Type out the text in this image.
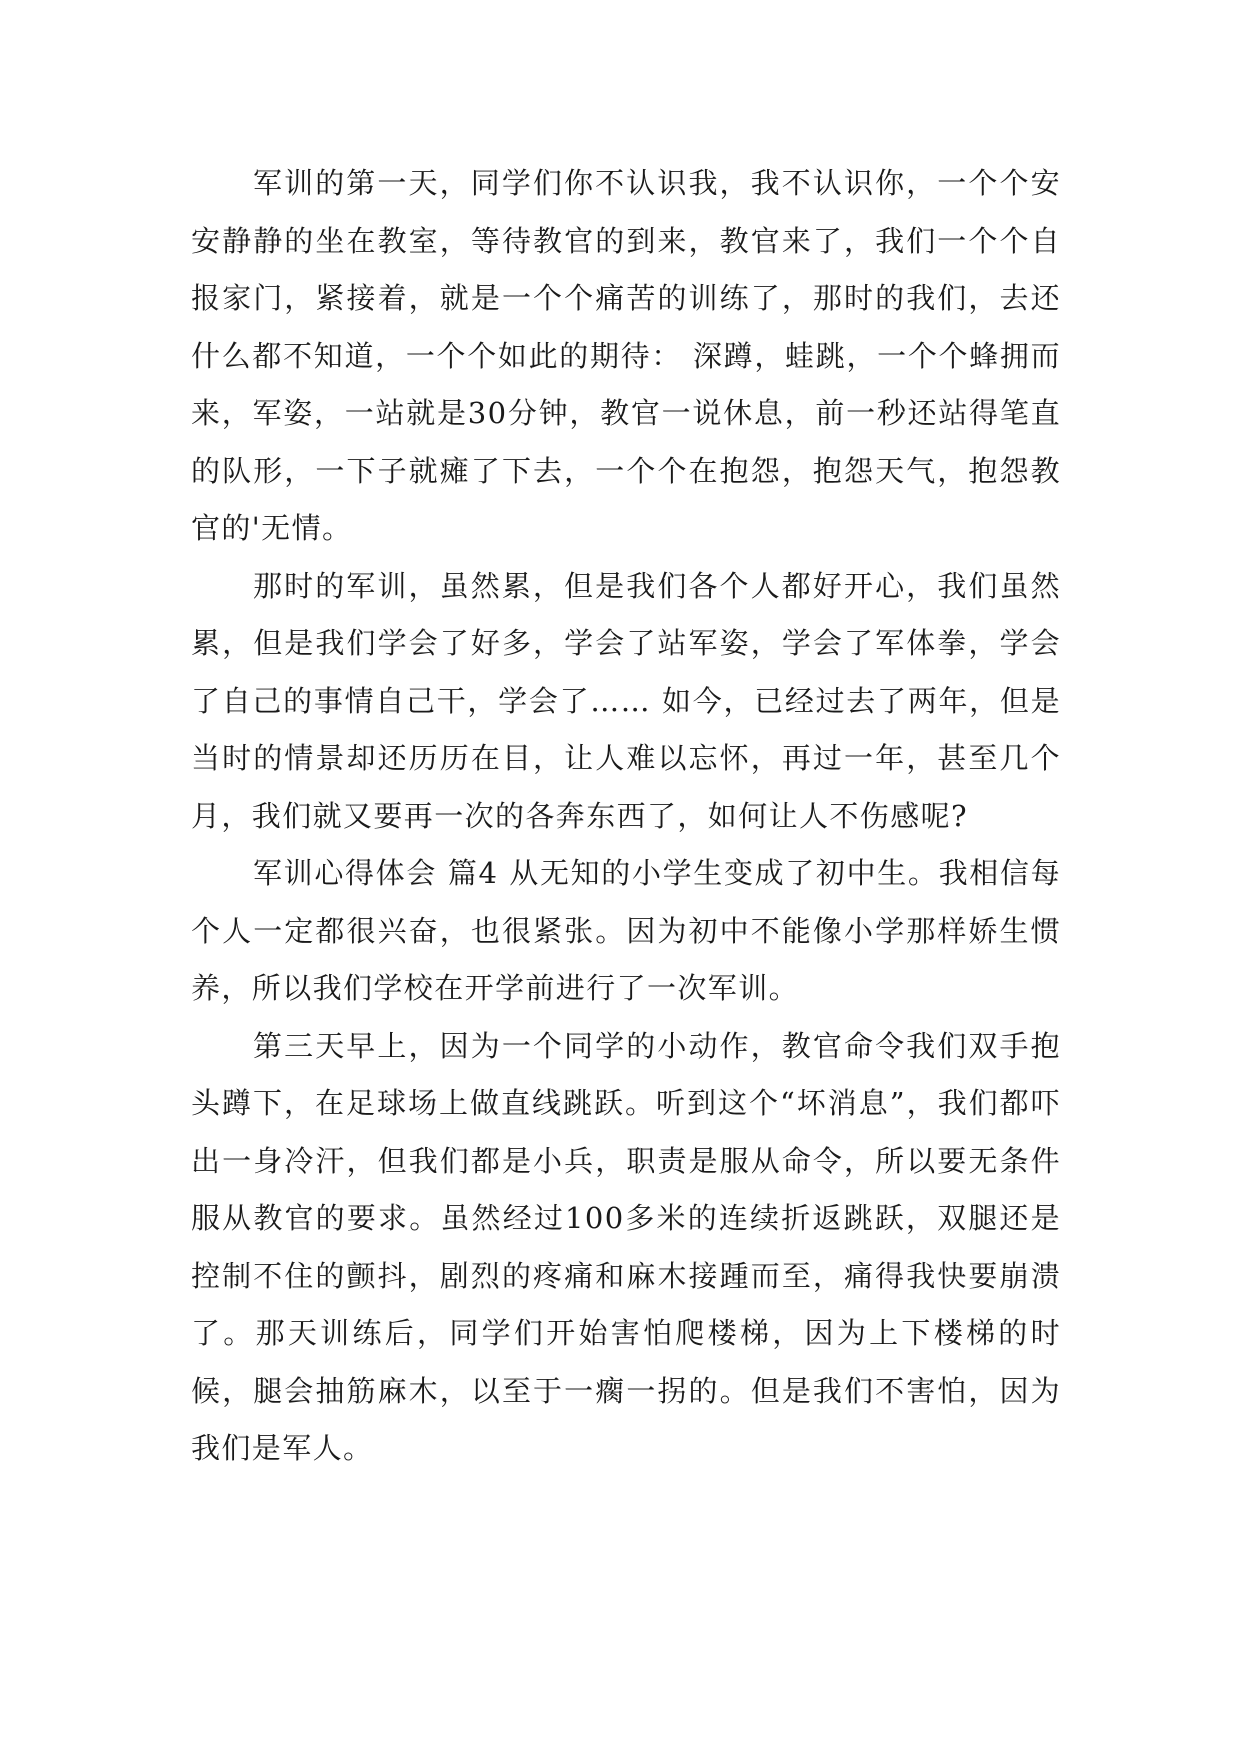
军训的第一天，同学们你不认识我，我不认识你，一个个安安静静的坐在教室，等待教官的到来，教官来了，我们一个个自报家门，紧接着，就是一个个痛苦的训练了，那时的我们，去还什么都不知道，一个个如此的期待： 深蹲，蛙跳，一个个蜂拥而来，军姿，一站就是30分钟，教官一说休息，前一秒还站得笔直的队形，一下子就瘫了下去，一个个在抱怨，抱怨天气，抱怨教官的'无情。

那时的军训，虽然累，但是我们各个人都好开心，我们虽然累，但是我们学会了好多，学会了站军姿，学会了军体拳，学会了自己的事情自己干，学会了…… 如今，已经过去了两年，但是当时的情景却还历历在目，让人难以忘怀，再过一年，甚至几个月，我们就又要再一次的各奔东西了，如何让人不伤感呢?

军训心得体会 篇4 从无知的小学生变成了初中生。我相信每个人一定都很兴奋，也很紧张。因为初中不能像小学那样娇生惯养，所以我们学校在开学前进行了一次军训。

第三天早上，因为一个同学的小动作，教官命令我们双手抱头蹲下，在足球场上做直线跳跃。听到这个“坏消息”，我们都吓出一身冷汗，但我们都是小兵，职责是服从命令，所以要无条件服从教官的要求。虽然经过100多米的连续折返跳跃，双腿还是控制不住的颤抖，剧烈的疼痛和麻木接踵而至，痛得我快要崩溃了。那天训练后，同学们开始害怕爬楼梯，因为上下楼梯的时候，腿会抽筋麻木，以至于一瘸一拐的。但是我们不害怕，因为我们是军人。
